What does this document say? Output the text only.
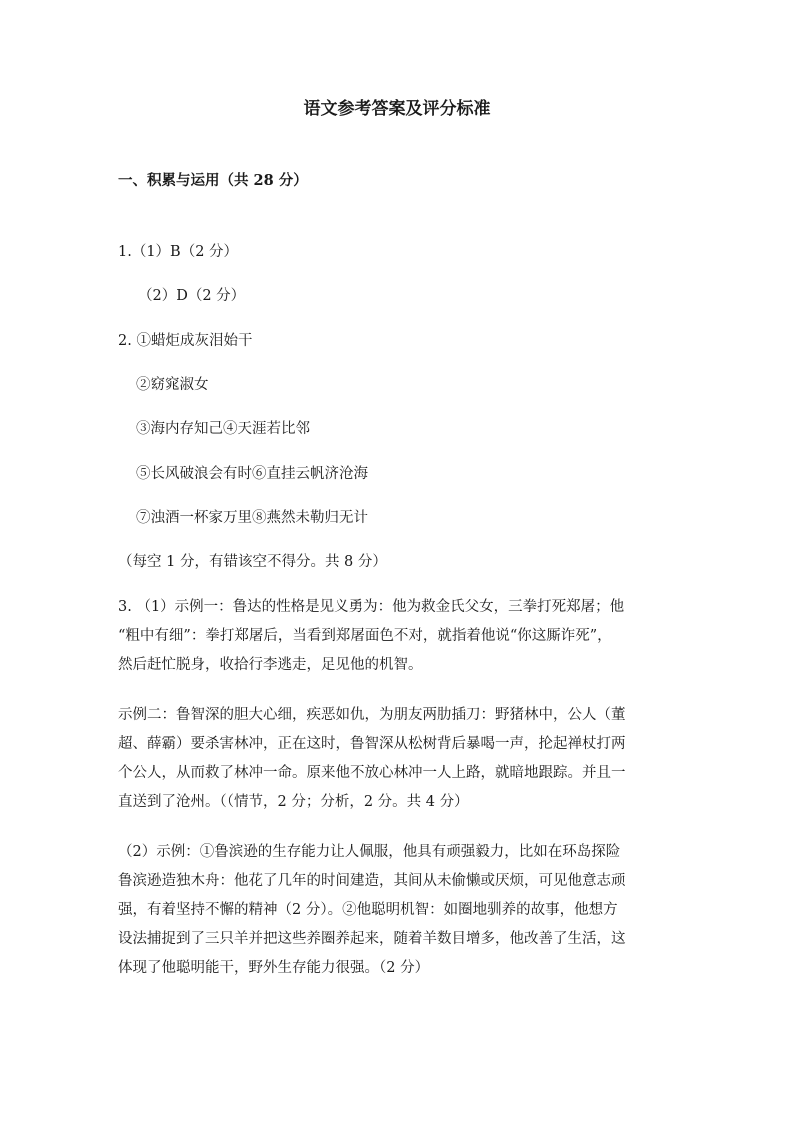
语文参考答案及评分标准
一、积累与运用（共 28 分）
1.（1）B（2 分）
（2）D（2 分）
2. ①蜡炬成灰泪始干
②窈窕淑女
③海内存知己④天涯若比邻
⑤长风破浪会有时⑥直挂云帆济沧海
⑦浊酒一杯家万里⑧燕然未勒归无计
（每空 1 分，有错该空不得分。共 8 分）
3. （1）示例一：鲁达的性格是见义勇为：他为救金氏父女，三拳打死郑屠；他
“粗中有细”：拳打郑屠后，当看到郑屠面色不对，就指着他说“你这厮诈死”，
然后赶忙脱身，收拾行李逃走，足见他的机智。
示例二：鲁智深的胆大心细，疾恶如仇，为朋友两肋插刀：野猪林中，公人（董
超、薛霸）要杀害林冲，正在这时，鲁智深从松树背后暴喝一声，抡起禅杖打两
个公人，从而救了林冲一命。原来他不放心林冲一人上路，就暗地跟踪。并且一
直送到了沧州。（（情节，2 分；分析，2 分。共 4 分）
（2）示例：①鲁滨逊的生存能力让人佩服，他具有顽强毅力，比如在环岛探险
鲁滨逊造独木舟：他花了几年的时间建造，其间从未偷懒或厌烦，可见他意志顽
强，有着坚持不懈的精神（2 分）。②他聪明机智：如圈地驯养的故事，他想方
设法捕捉到了三只羊并把这些养圈养起来，随着羊数目增多，他改善了生活，这
体现了他聪明能干，野外生存能力很强。（2 分）
